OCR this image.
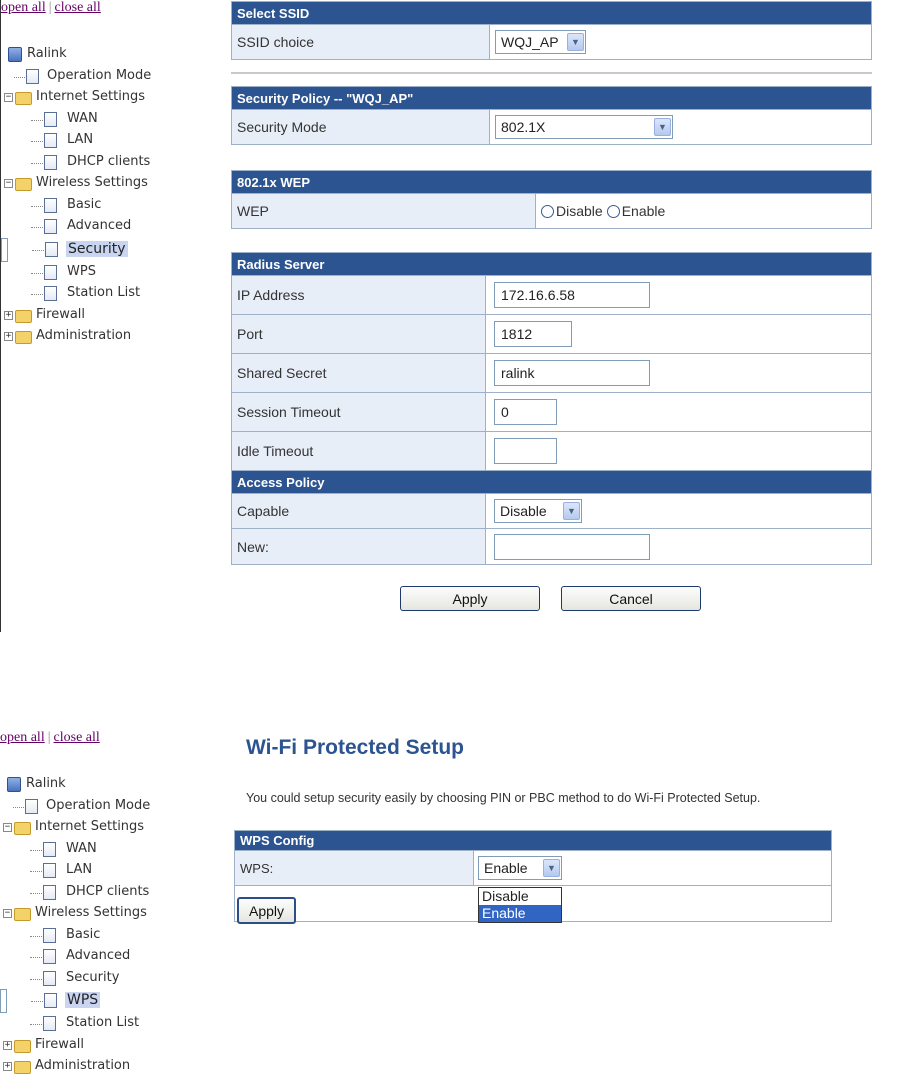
open all | close all
Ralink
Operation Mode
− Internet Settings
WAN
LAN
DHCP clients
− Wireless Settings
Basic
Advanced
Security
WPS
Station List
+ Firewall
+ Administration
Select SSID
SSID choice	WQJ_AP	▼
Security Policy -- "WQJ_AP"
Security Mode	802.1X	▼
802.1x WEP
WEP	Disable Enable
Radius Server
IP Address	172.16.6.58
Port	1812
Shared Secret	ralink
Session Timeout	0
Idle Timeout
Access Policy
Capable	Disable	▼
New:
Apply	Cancel
open all | close all
Ralink
Operation Mode
− Internet Settings
WAN
LAN
DHCP clients
− Wireless Settings
Basic
Advanced
Security
WPS
Station List
+ Firewall
+ Administration
Wi-Fi Protected Setup
You could setup security easily by choosing PIN or PBC method to do Wi-Fi Protected Setup.
WPS Config
WPS:	Enable	▼
Apply
Disable
Enable
